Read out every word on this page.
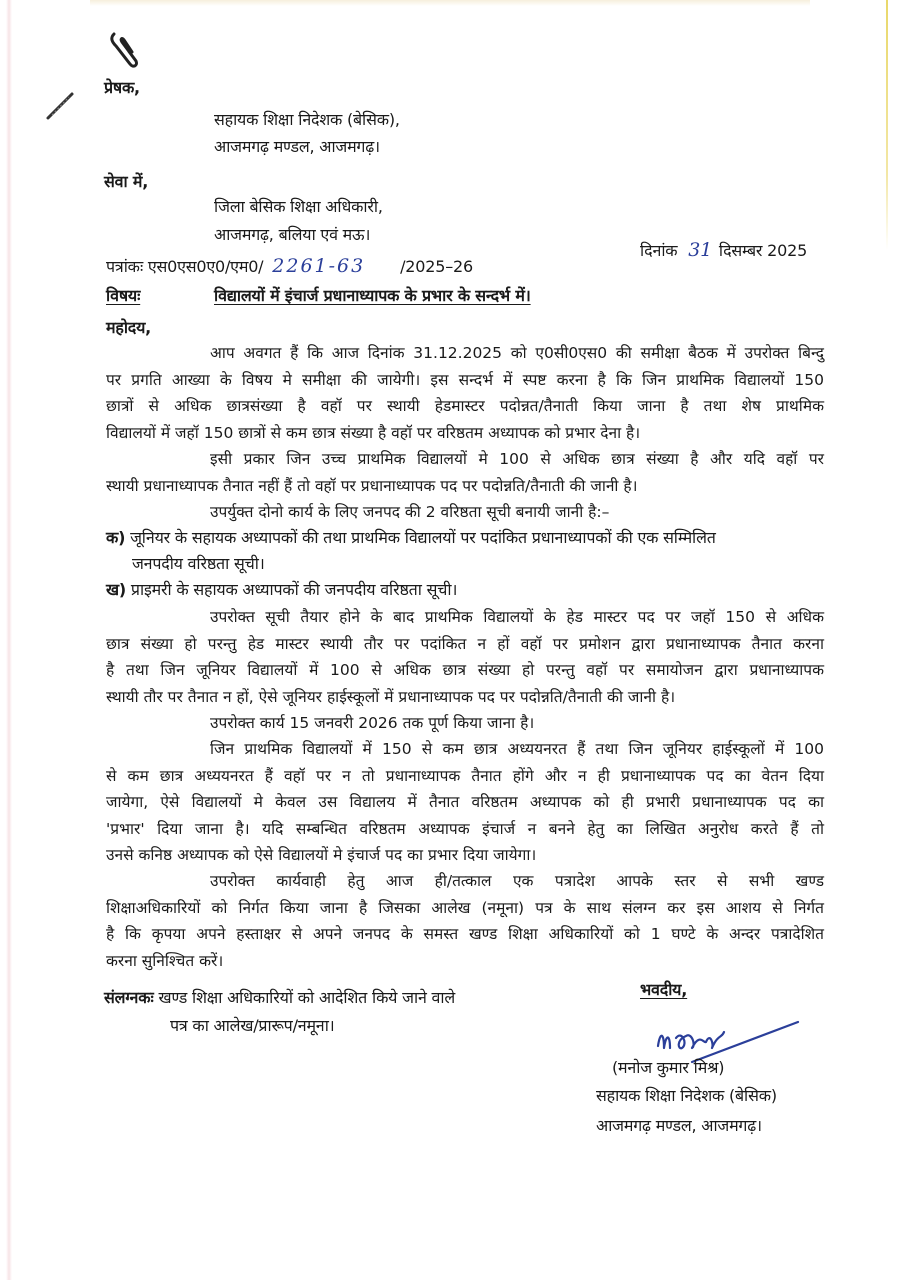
प्रेषक,
सहायक शिक्षा निदेशक (बेसिक),
आजमगढ़ मण्डल, आजमगढ़।
सेवा में,
जिला बेसिक शिक्षा अधिकारी,
आजमगढ़, बलिया एवं मऊ।
पत्रांकः एस0एस0ए0/एम0/ 2261-63 /2025–26
दिनांक 31 दिसम्बर 2025
विषयः	विद्यालयों में इंचार्ज प्रधानाध्यापक के प्रभार के सन्दर्भ में।
महोदय,
आप अवगत हैं कि आज दिनांक 31.12.2025 को ए0सी0एस0 की समीक्षा बैठक में उपरोक्त बिन्दु
पर प्रगति आख्या के विषय मे समीक्षा की जायेगी। इस सन्दर्भ में स्पष्ट करना है कि जिन प्राथमिक विद्यालयों 150
छात्रों से अधिक छात्रसंख्या है वहॉ पर स्थायी हेडमास्टर पदोन्नत/तैनाती किया जाना है तथा शेष प्राथमिक
विद्यालयों में जहॉ 150 छात्रों से कम छात्र संख्या है वहॉ पर वरिष्ठतम अध्यापक को प्रभार देना है।
इसी प्रकार जिन उच्च प्राथमिक विद्यालयों मे 100 से अधिक छात्र संख्या है और यदि वहॉ पर
स्थायी प्रधानाध्यापक तैनात नहीं हैं तो वहॉ पर प्रधानाध्यापक पद पर पदोन्नति/तैनाती की जानी है।
उपर्युक्त दोनो कार्य के लिए जनपद की 2 वरिष्ठता सूची बनायी जानी है:–
क) जूनियर के सहायक अध्यापकों की तथा प्राथमिक विद्यालयों पर पदांकित प्रधानाध्यापकों की एक सम्मिलित
जनपदीय वरिष्ठता सूची।
ख) प्राइमरी के सहायक अध्यापकों की जनपदीय वरिष्ठता सूची।
उपरोक्त सूची तैयार होने के बाद प्राथमिक विद्यालयों के हेड मास्टर पद पर जहॉ 150 से अधिक
छात्र संख्या हो परन्तु हेड मास्टर स्थायी तौर पर पदांकित न हों वहॉ पर प्रमोशन द्वारा प्रधानाध्यापक तैनात करना
है तथा जिन जूनियर विद्यालयों में 100 से अधिक छात्र संख्या हो परन्तु वहॉ पर समायोजन द्वारा प्रधानाध्यापक
स्थायी तौर पर तैनात न हों, ऐसे जूनियर हाईस्कूलों में प्रधानाध्यापक पद पर पदोन्नति/तैनाती की जानी है।
उपरोक्त कार्य 15 जनवरी 2026 तक पूर्ण किया जाना है।
जिन प्राथमिक विद्यालयों में 150 से कम छात्र अध्ययनरत हैं तथा जिन जूनियर हाईस्कूलों में 100
से कम छात्र अध्ययनरत हैं वहॉ पर न तो प्रधानाध्यापक तैनात होंगे और न ही प्रधानाध्यापक पद का वेतन दिया
जायेगा, ऐसे विद्यालयों मे केवल उस विद्यालय में तैनात वरिष्ठतम अध्यापक को ही प्रभारी प्रधानाध्यापक पद का
'प्रभार' दिया जाना है। यदि सम्बन्धित वरिष्ठतम अध्यापक इंचार्ज न बनने हेतु का लिखित अनुरोध करते हैं तो
उनसे कनिष्ठ अध्यापक को ऐसे विद्यालयों मे इंचार्ज पद का प्रभार दिया जायेगा।
उपरोक्त कार्यवाही हेतु आज ही/तत्काल एक पत्रादेश आपके स्तर से सभी खण्ड
शिक्षाअधिकारियों को निर्गत किया जाना है जिसका आलेख (नमूना) पत्र के साथ संलग्न कर इस आशय से निर्गत
है कि कृपया अपने हस्ताक्षर से अपने जनपद के समस्त खण्ड शिक्षा अधिकारियों को 1 घण्टे के अन्दर पत्रादेशित
करना सुनिश्चित करें।
संलग्नकः खण्ड शिक्षा अधिकारियों को आदेशित किये जाने वाले
पत्र का आलेख/प्रारूप/नमूना।
भवदीय,
(मनोज कुमार मिश्र)
सहायक शिक्षा निदेशक (बेसिक)
आजमगढ़ मण्डल, आजमगढ़।
